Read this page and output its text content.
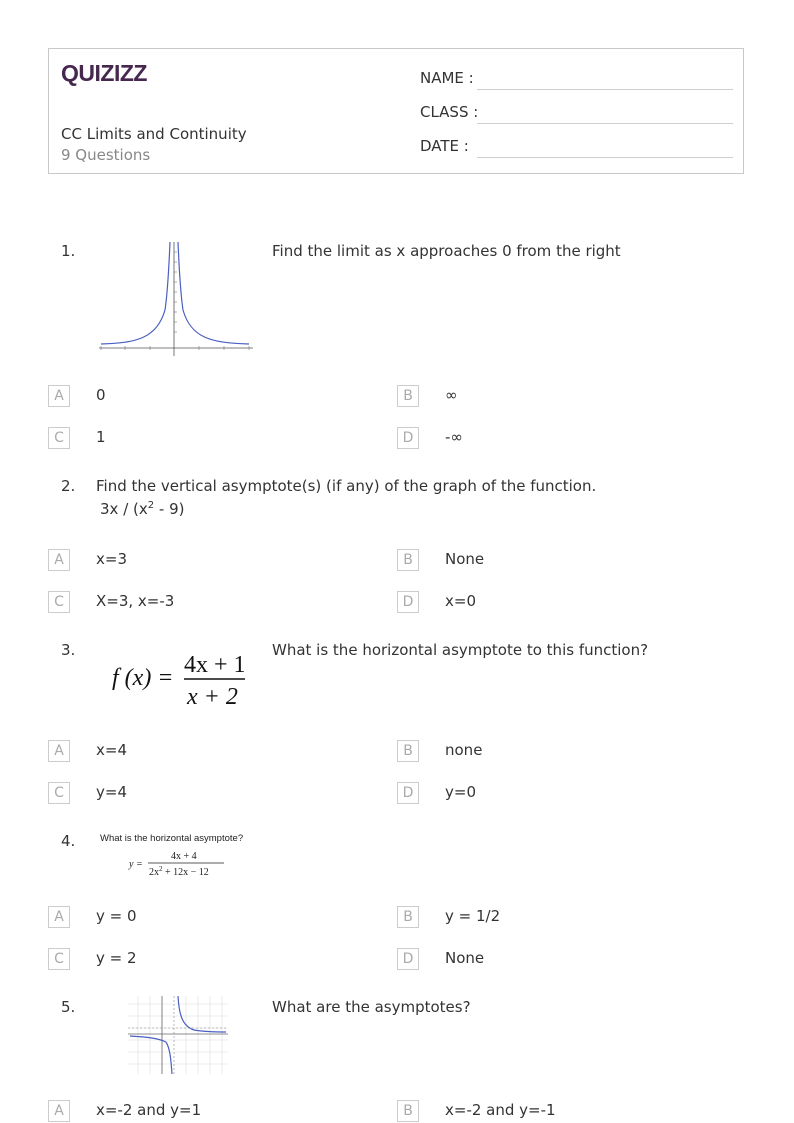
QUIZIZZ
CC Limits and Continuity
9 Questions
NAME :
CLASS :
DATE :
1.	Find the limit as x approaches 0 from the right
A	0	B	∞
C	1	D	-∞
2. Find the vertical asymptote(s) (if any) of the graph of the function.
$3x / (x^2 - 9)$
A	x=3	B	None
C	X=3, x=-3	D	x=0
3.
f (x) = 4x + 1
x + 2
What is the horizontal asymptote to this function?
A	x=4	B	none
C	y=4	D	y=0
4.	What is the horizontal asymptote?
y =
4x + 4
$2x^2 + 12x - 12$
A	y = 0	B	y = 1/2
C	y = 2	D	None
5.	What are the asymptotes?
A	x=-2 and y=1	B	x=-2 and y=-1
